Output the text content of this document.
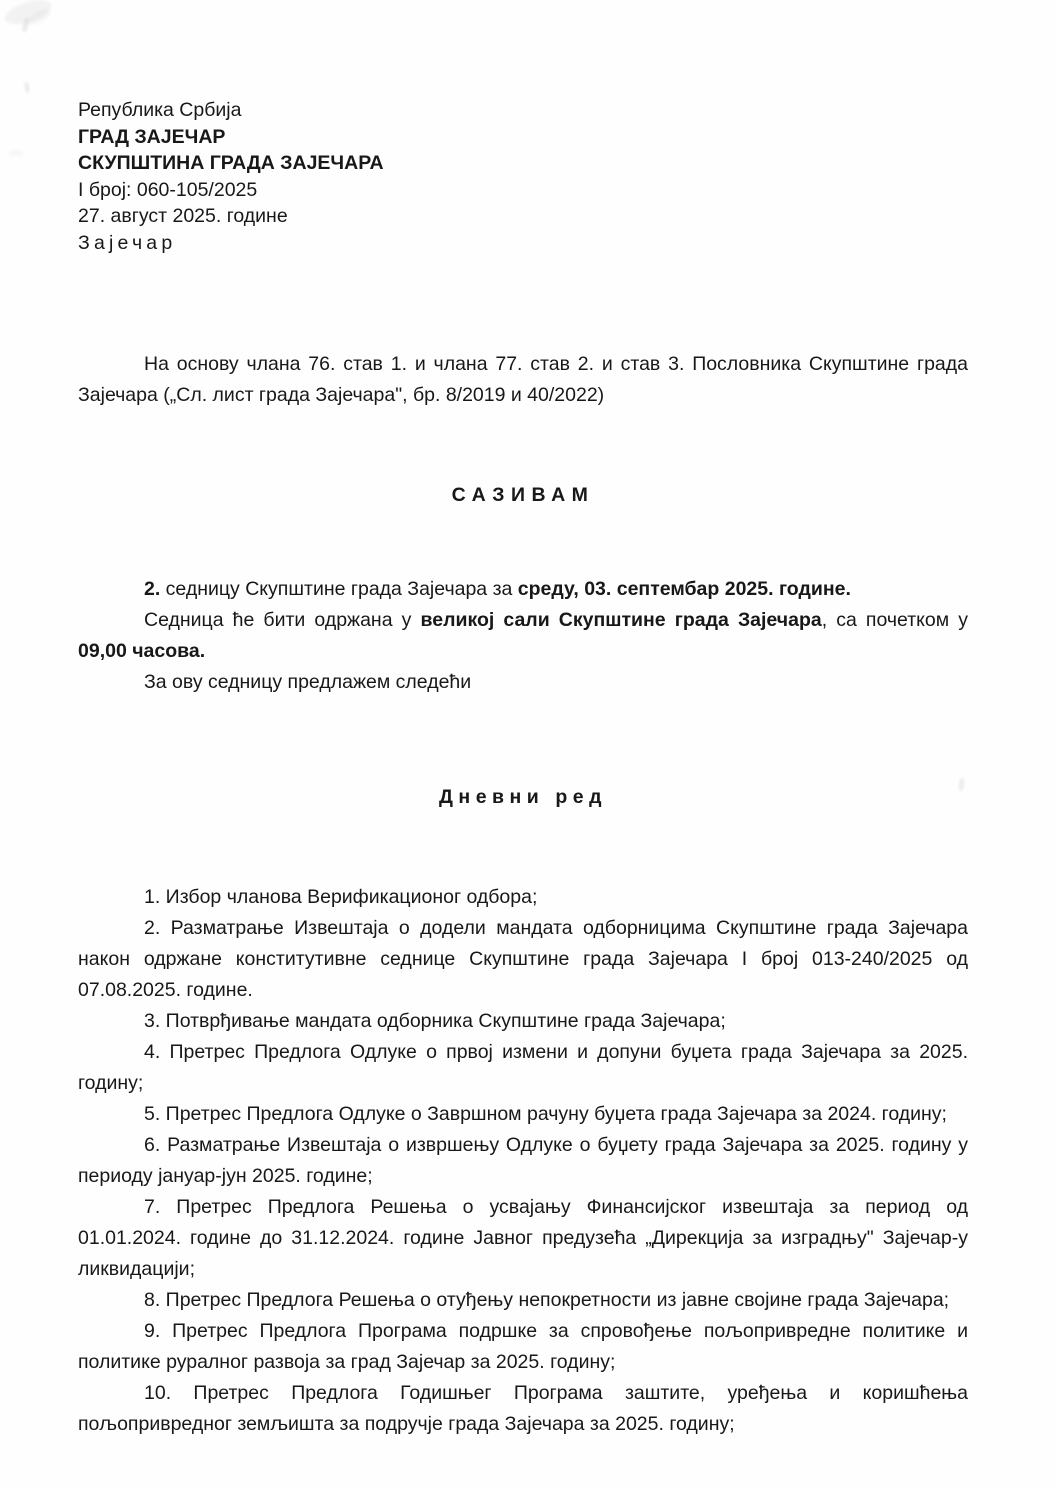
Република Србија
ГРАД ЗАЈЕЧАР
СКУПШТИНА ГРАДА ЗАЈЕЧАРА
I број: 060-105/2025
27. август 2025. године
Зајечар

На основу члана 76. став 1. и члана 77. став 2. и став 3. Пословника Скупштине града Зајечара („Сл. лист града Зајечара", бр. 8/2019 и 40/2022)

САЗИВАМ

2. седницу Скупштине града Зајечара за среду, 03. септембар 2025. године.

Седница ће бити одржана у великој сали Скупштине града Зајечара, са почетком у 09,00 часова.

За ову седницу предлажем следећи

Дневни ред

1. Избор чланова Верификационог одбора;

2. Разматрање Извештаја о додели мандата одборницима Скупштине града Зајечара након одржане конститутивне седнице Скупштине града Зајечара I број 013-240/2025 од 07.08.2025. године.

3. Потврђивање мандата одборника Скупштине града Зајечара;

4. Претрес Предлога Одлуке о првој измени и допуни буџета града Зајечара за 2025. годину;

5. Претрес Предлога Одлуке о Завршном рачуну буџета града Зајечара за 2024. годину;

6. Разматрање Извештаја о извршењу Одлуке о буџету града Зајечара за 2025. годину у периоду јануар-јун 2025. године;

7. Претрес Предлога Решења о усвајању Финансијског извештаја за период од 01.01.2024. године до 31.12.2024. године Јавног предузећа „Дирекција за изградњу" Зајечар-у ликвидацији;

8. Претрес Предлога Решења о отуђењу непокретности из јавне својине града Зајечара;

9. Претрес Предлога Програма подршке за спровођење пољопривредне политике и политике руралног развоја за град Зајечар за 2025. годину;

10. Претрес Предлога Годишњег Програма заштите, уређења и коришћења пољопривредног земљишта за подручје града Зајечара за 2025. годину;
